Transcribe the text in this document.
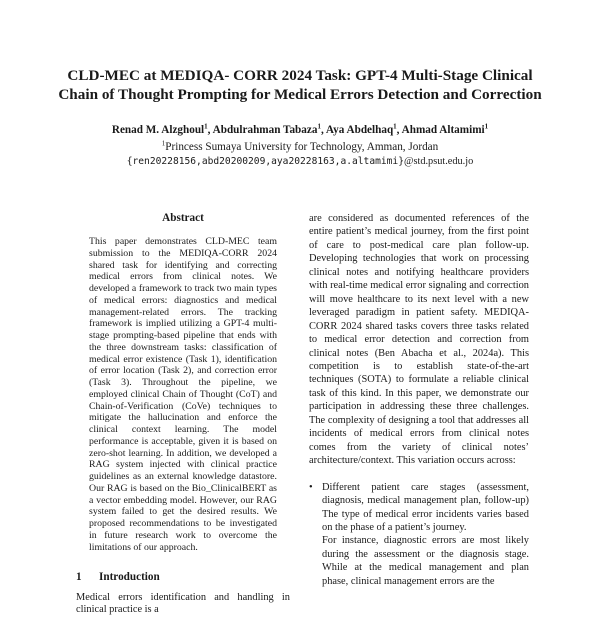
CLD-MEC at MEDIQA- CORR 2024 Task: GPT-4 Multi-Stage Clinical
Chain of Thought Prompting for Medical Errors Detection and Correction
Renad M. Alzghoul$^1$, Abdulrahman Tabaza$^1$, Aya Abdelhaq$^1$, Ahmad Altamimi$^1$
$^1$Princess Sumaya University for Technology, Amman, Jordan
{ren20228156,abd20200209,aya20228163,a.altamimi}@std.psut.edu.jo
Abstract
This paper demonstrates CLD-MEC team submission to the MEDIQA-CORR 2024 shared task for identifying and correcting medical errors from clinical notes. We developed a framework to track two main types of medical errors: diagnostics and medical management-related errors. The tracking framework is implied utilizing a GPT-4 multi-stage prompting-based pipeline that ends with the three downstream tasks: classification of medical error existence (Task 1), identification of error location (Task 2), and correction error (Task 3). Throughout the pipeline, we employed clinical Chain of Thought (CoT) and Chain-of-Verification (CoVe) techniques to mitigate the hallucination and enforce the clinical context learning. The model performance is acceptable, given it is based on zero-shot learning. In addition, we developed a RAG system injected with clinical practice guidelines as an external knowledge datastore. Our RAG is based on the Bio_ClinicalBERT as a vector embedding model. However, our RAG system failed to get the desired results. We proposed recommendations to be investigated in future research work to overcome the limitations of our approach.
1 Introduction
Medical errors identification and handling in clinical practice is a
are considered as documented references of the entire patient’s medical journey, from the first point of care to post-medical care plan follow-up. Developing technologies that work on processing clinical notes and notifying healthcare providers with real-time medical error signaling and correction will move healthcare to its next level with a new leveraged paradigm in patient safety. MEDIQA-CORR 2024 shared tasks covers three tasks related to medical error detection and correction from clinical notes (Ben Abacha et al., 2024a). This competition is to establish state-of-the-art techniques (SOTA) to formulate a reliable clinical task of this kind. In this paper, we demonstrate our participation in addressing these three challenges. The complexity of designing a tool that addresses all incidents of medical errors from clinical notes comes from the variety of clinical notes’ architecture/context. This variation occurs across:
• Different patient care stages (assessment, diagnosis, medical management plan, follow-up) The type of medical error incidents varies based on the phase of a patient’s journey.

For instance, diagnostic errors are most likely during the assessment or the diagnosis stage. While at the medical management and plan phase, clinical management errors are the
